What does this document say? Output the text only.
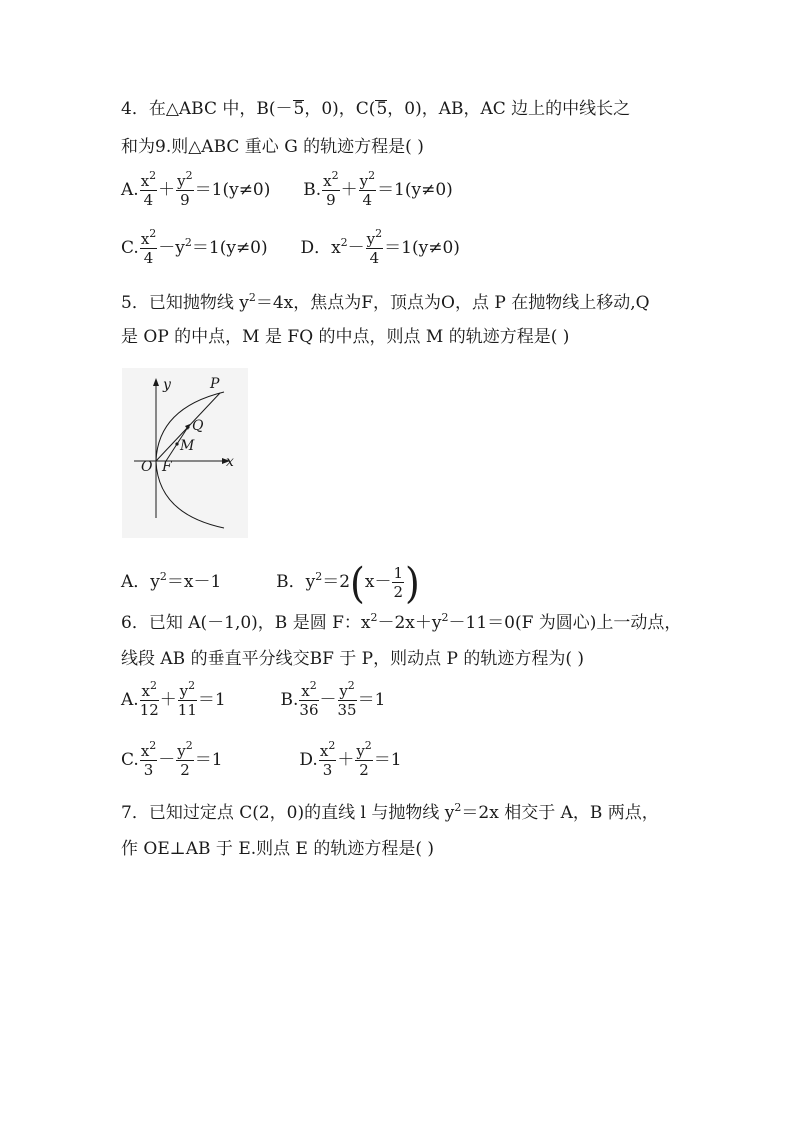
4．在△ABC 中，B(－5，0)，C(5，0)，AB，AC 边上的中线长之
和为9.则△ABC 重心 G 的轨迹方程是( )
A. $\frac{x^2}{4} + \frac{y^2}{9} =1(y\ne 0)$ B. $\frac{x^2}{9} + \frac{y^2}{4} =1(y\ne 0)$
C. $\frac{x^2}{4} -y^2=1(y\ne 0)$ D．$x^2- \frac{y^2}{4} =1(y\ne 0)$
5．已知抛物线 $y^2=4x$，焦点为F，顶点为O，点 P 在抛物线上移动,Q
是 OP 的中点，M 是 FQ 的中点，则点 M 的轨迹方程是( )
y
x
P
Q
M
O F
A．$y^2=x-1$	B．$y^2=2(x- \frac{1}{2}$ )
6．已知 A(－1,0)，B 是圆 F：$x^2-2x+y^2-11=0(F$ 为圆心)上一动点，
线段 AB 的垂直平分线交BF 于 P，则动点 P 的轨迹方程为( )
A. $\frac{x^2}{12} + \frac{y^2}{11} =1$	B. $\frac{x^2}{36} - \frac{y^2}{35} =1$
C. $\frac{x^2}{3} - \frac{y^2}{2} =1$	D. $\frac{x^2}{3} + \frac{y^2}{2} =1$
7．已知过定点 C(2，0)的直线 l 与抛物线 $y^2=2x$ 相交于 A，B 两点，
作 OE⊥AB 于 E.则点 E 的轨迹方程是( )
